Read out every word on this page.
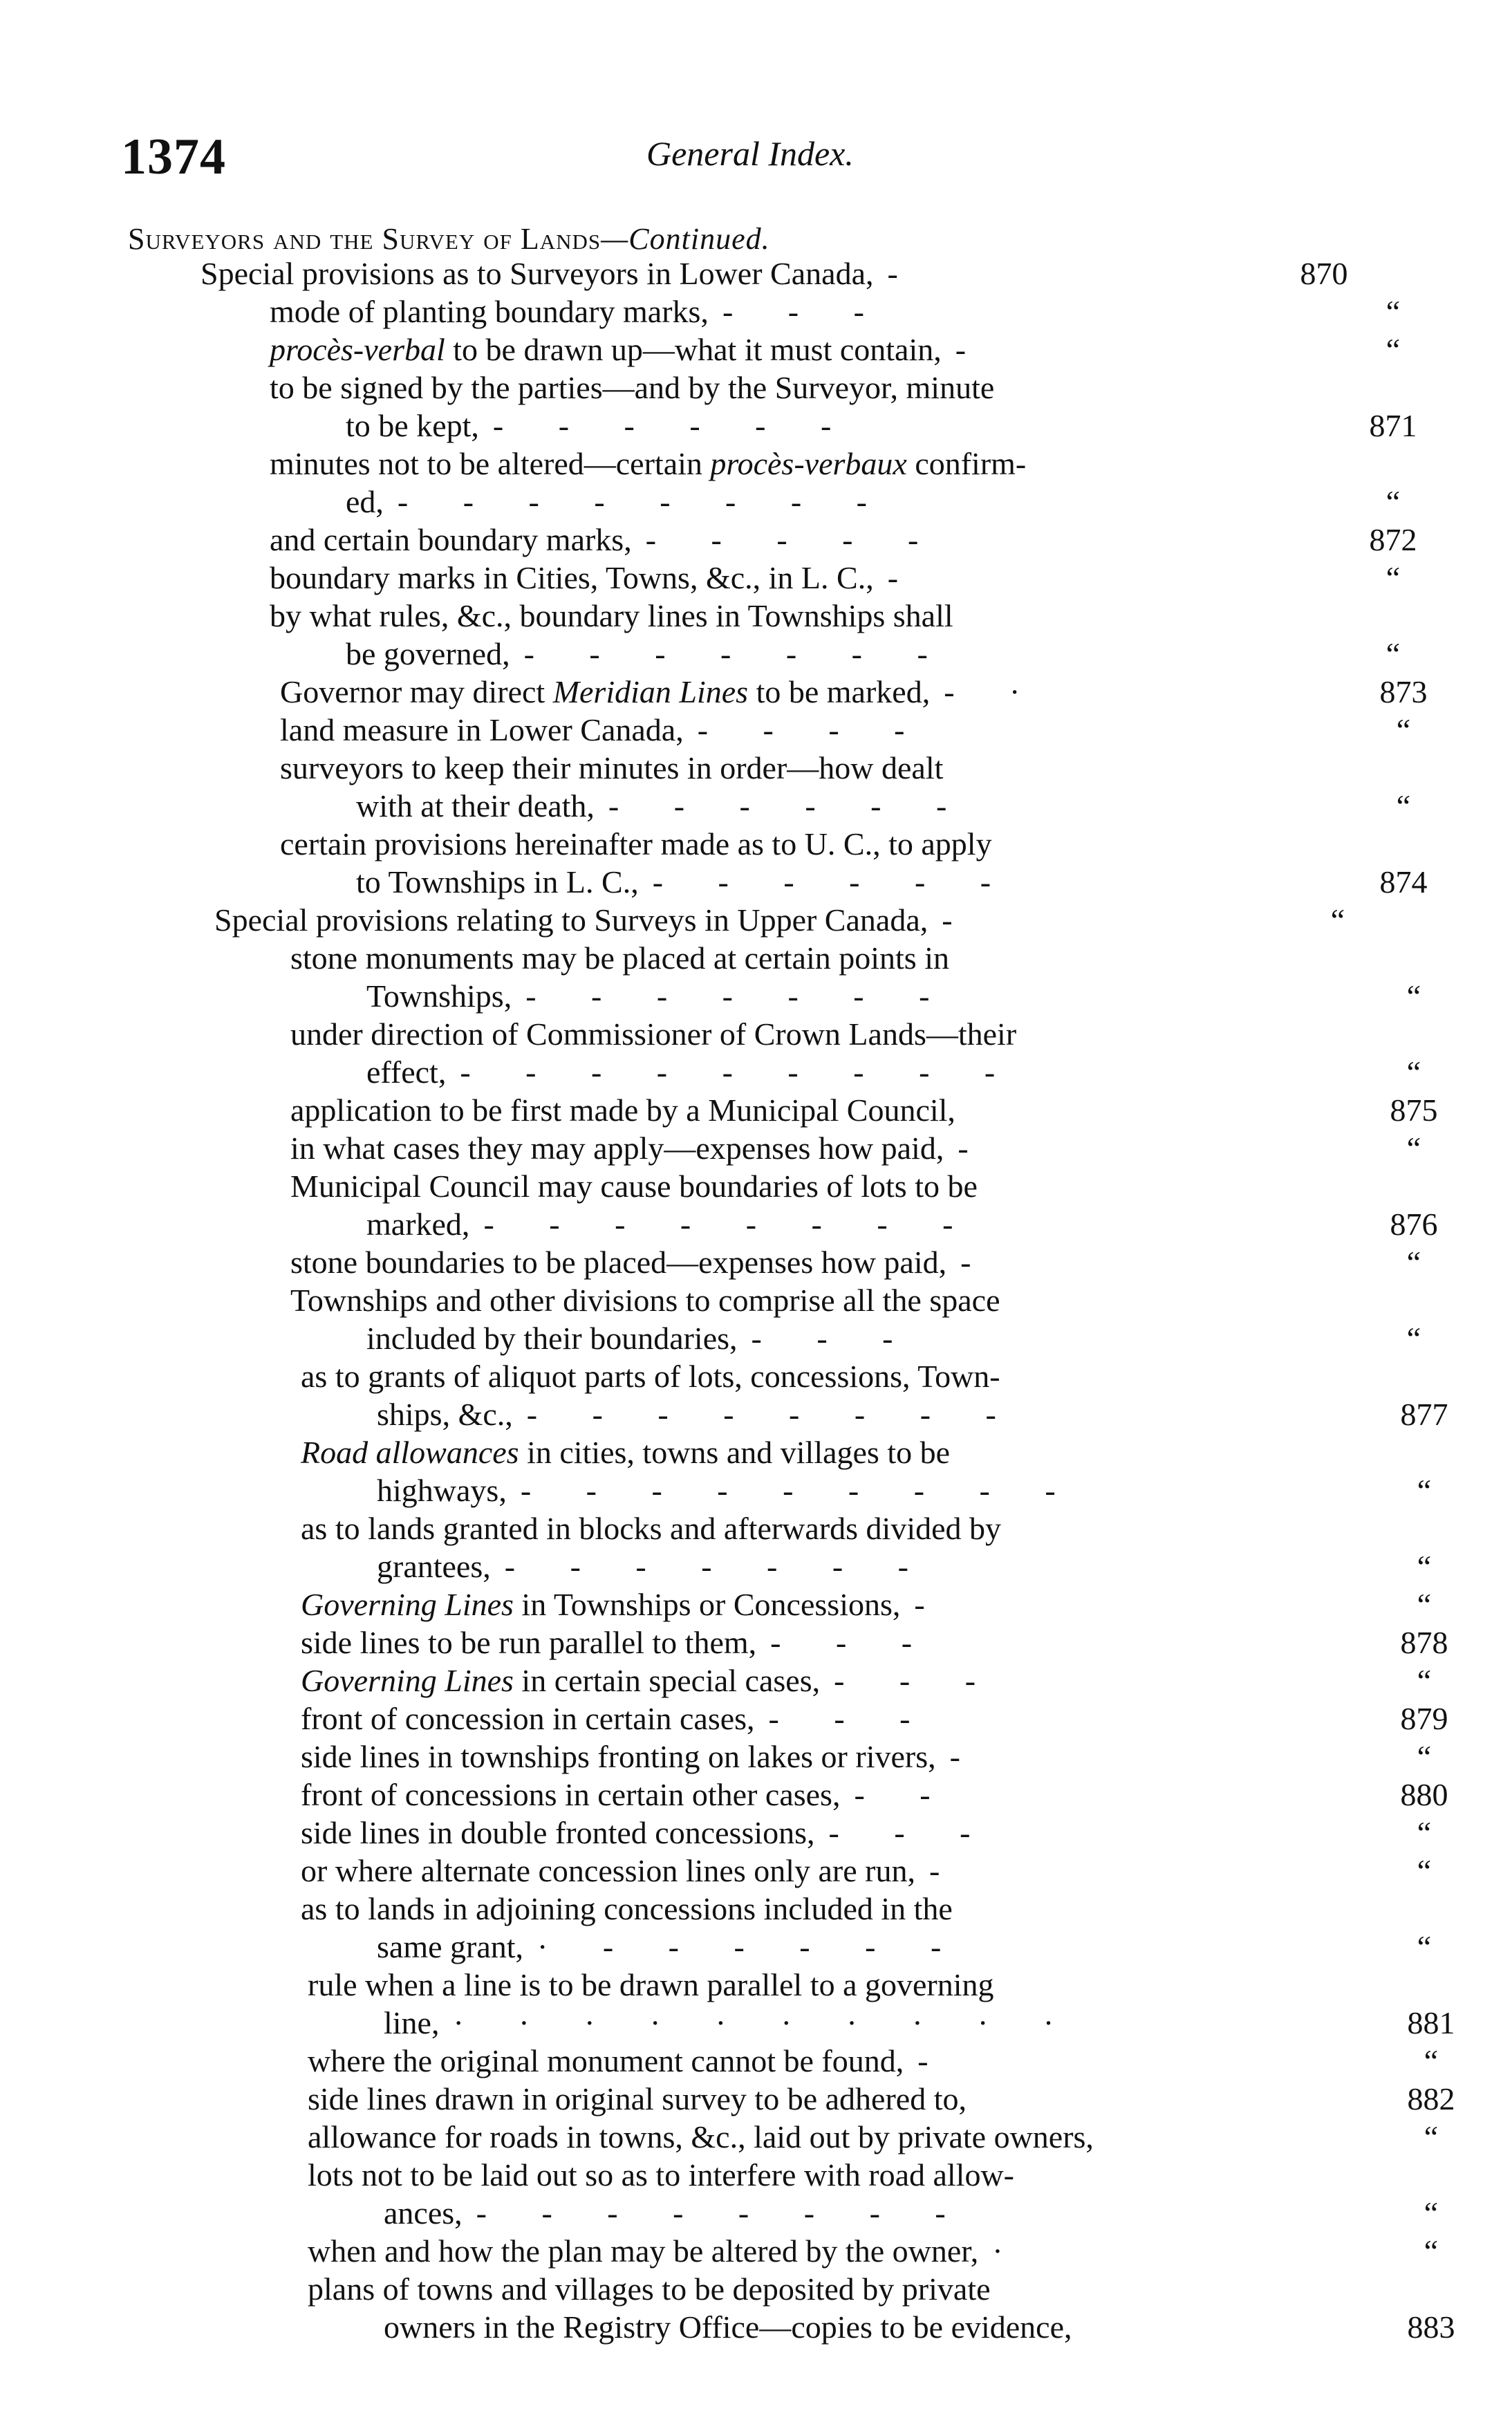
1374	General Index.
Surveyors and the Survey of Lands—Continued.
Special provisions as to Surveyors in Lower Canada, -	870
mode of planting boundary marks, - - -	“
procès-verbal to be drawn up—what it must contain, -	“
to be signed by the parties—and by the Surveyor, minute
to be kept, - - - - - -	871
minutes not to be altered—certain procès-verbaux confirm-
ed, - - - - - - - -	“
and certain boundary marks, - - - - -	872
boundary marks in Cities, Towns, &c., in L. C., -	“
by what rules, &c., boundary lines in Townships shall
be governed, - - - - - - -	“
Governor may direct Meridian Lines to be marked, - ·	873
land measure in Lower Canada, - - - -	“
surveyors to keep their minutes in order—how dealt
with at their death, - - - - - -	“
certain provisions hereinafter made as to U. C., to apply
to Townships in L. C., - - - - - -	874
Special provisions relating to Surveys in Upper Canada, -	“
stone monuments may be placed at certain points in
Townships, - - - - - - -	“
under direction of Commissioner of Crown Lands—their
effect, - - - - - - - - -	“
application to be first made by a Municipal Council,	875
in what cases they may apply—expenses how paid, -	“
Municipal Council may cause boundaries of lots to be
marked, - - - - - - - -	876
stone boundaries to be placed—expenses how paid, -	“
Townships and other divisions to comprise all the space
included by their boundaries, - - -	“
as to grants of aliquot parts of lots, concessions, Town-
ships, &c., - - - - - - - -	877
Road allowances in cities, towns and villages to be
highways, - - - - - - - - -	“
as to lands granted in blocks and afterwards divided by
grantees, - - - - - - -	“
Governing Lines in Townships or Concessions, -	“
side lines to be run parallel to them, - - -	878
Governing Lines in certain special cases, - - -	“
front of concession in certain cases, - - -	879
side lines in townships fronting on lakes or rivers, -	“
front of concessions in certain other cases, - -	880
side lines in double fronted concessions, - - -	“
or where alternate concession lines only are run, -	“
as to lands in adjoining concessions included in the
same grant, · - - - - - -	“
rule when a line is to be drawn parallel to a governing
line, · · · · · · · · · ·	881
where the original monument cannot be found, -	“
side lines drawn in original survey to be adhered to,	882
allowance for roads in towns, &c., laid out by private owners,	“
lots not to be laid out so as to interfere with road allow-
ances, - - - - - - - -	“
when and how the plan may be altered by the owner, ·	“
plans of towns and villages to be deposited by private
owners in the Registry Office—copies to be evidence,	883
